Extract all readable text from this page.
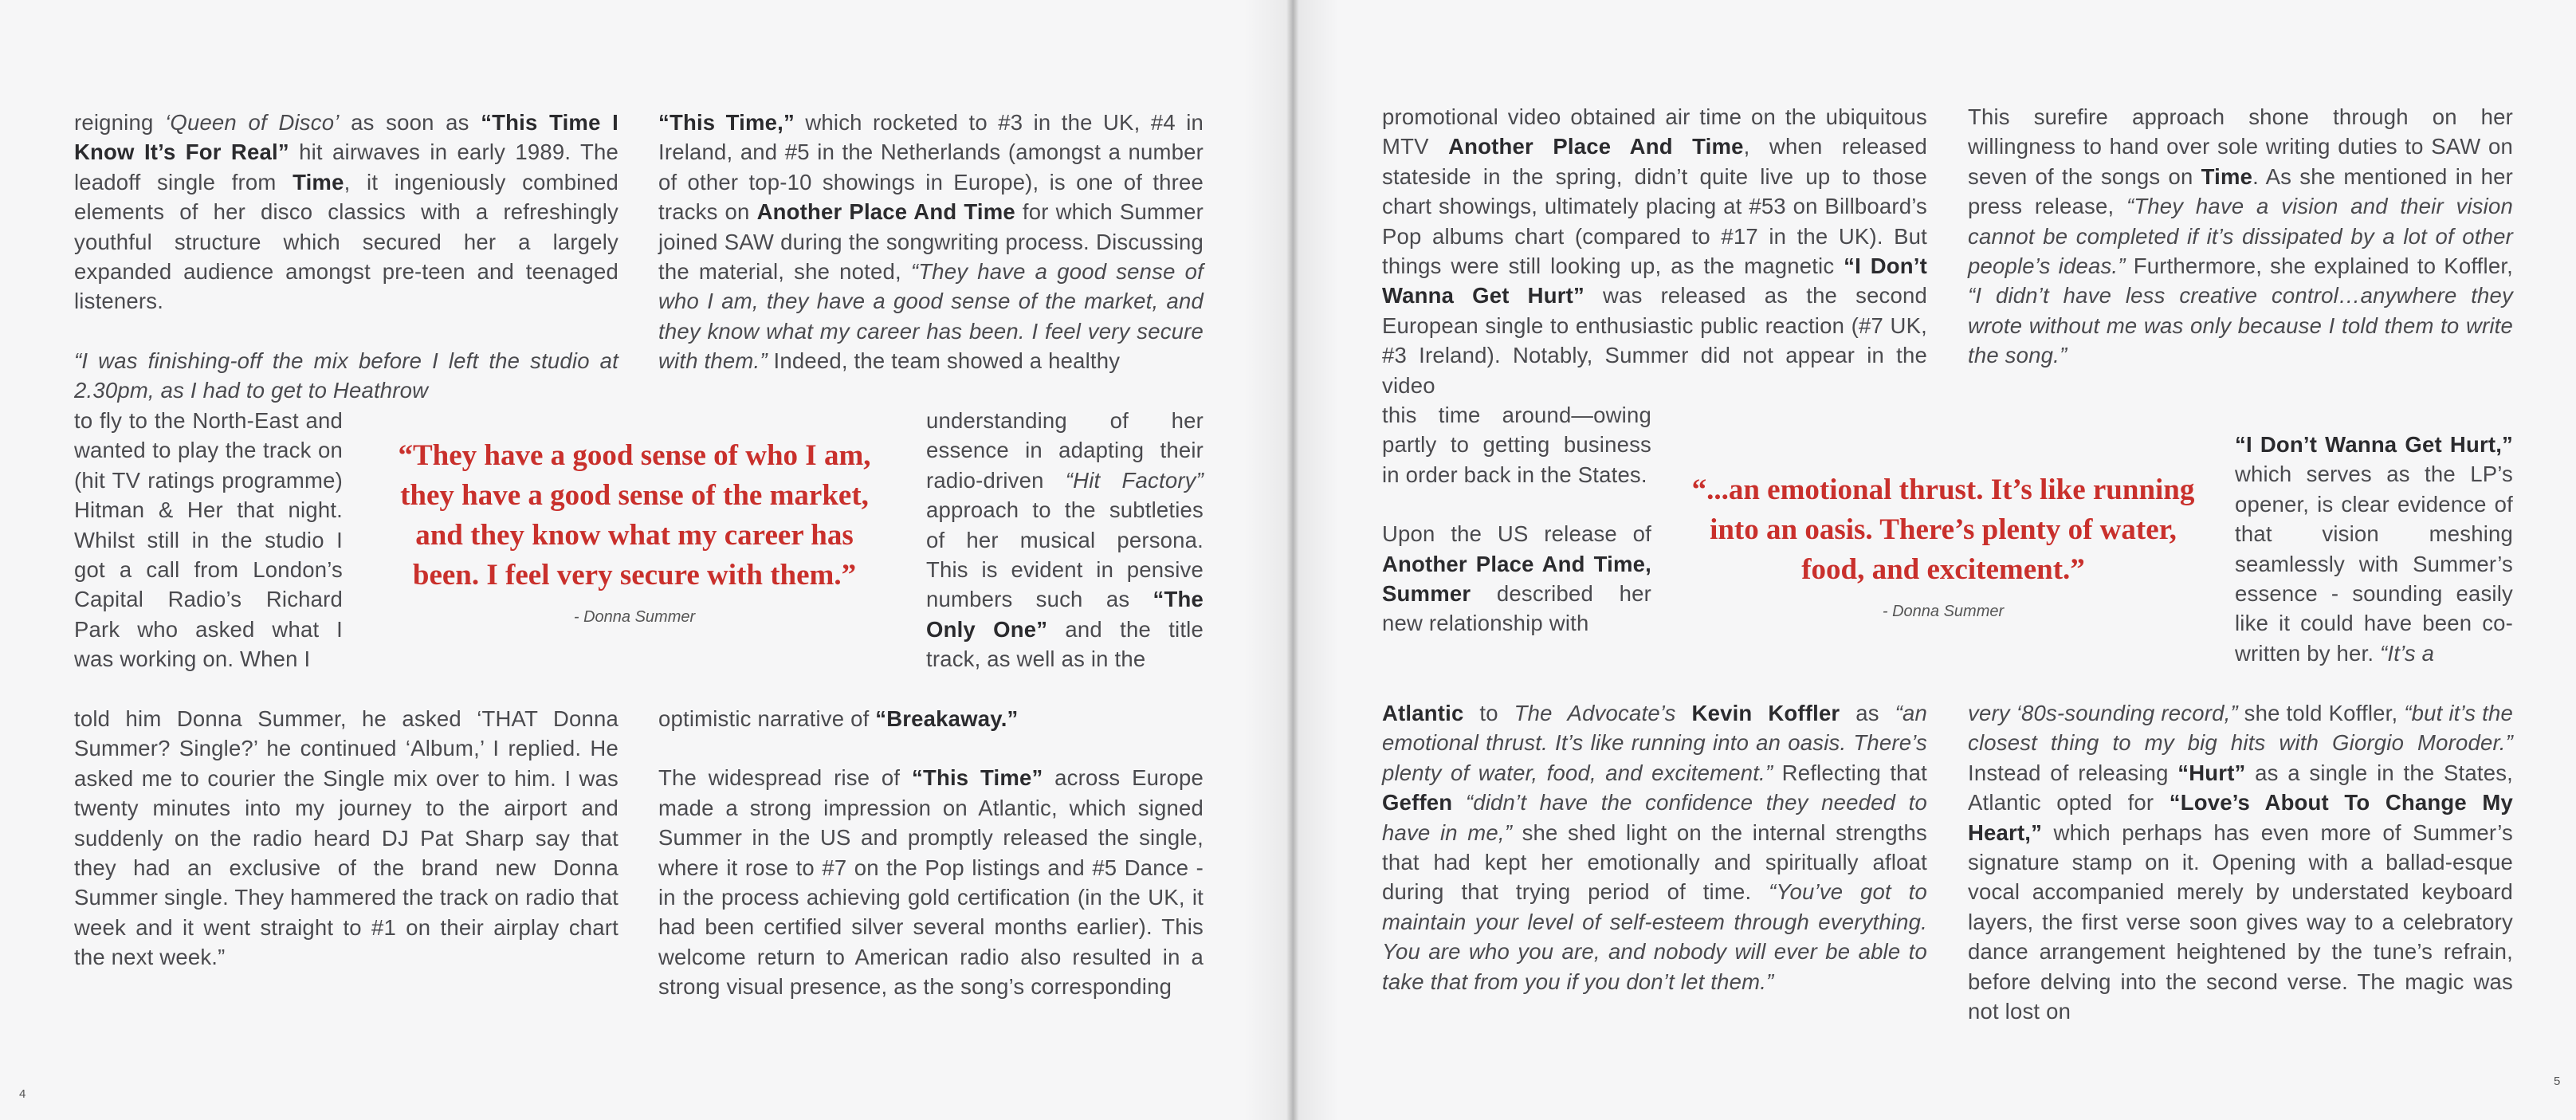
reigning ‘Queen of Disco’ as soon as “This Time I Know It’s For Real” hit airwaves in early 1989. The leadoff single from Time, it ingeniously combined elements of her disco classics with a refreshingly youthful structure which secured her a largely expanded audience amongst pre-teen and teenaged listeners.

“I was finishing-off the mix before I left the studio at 2.30pm, as I had to get to Heathrow
to fly to the North-East and wanted to play the track on (hit TV ratings programme) Hitman & Her that night. Whilst still in the studio I got a call from London’s Capital Radio’s Richard Park who asked what I was working on. When I
told him Donna Summer, he asked ‘THAT Donna Summer? Single?’ he continued ‘Album,’ I replied. He asked me to courier the Single mix over to him. I was twenty minutes into my journey to the airport and suddenly on the radio heard DJ Pat Sharp say that they had an exclusive of the brand new Donna Summer single. They hammered the track on radio that week and it went straight to #1 on their airplay chart the next week.”
“They have a good sense of who I am, they have a good sense of the market, and they know what my career has been. I feel very secure with them.”
- Donna Summer

“This Time,” which rocketed to #3 in the UK, #4 in Ireland, and #5 in the Netherlands (amongst a number of other top-10 showings in Europe), is one of three tracks on Another Place And Time for which Summer joined SAW during the songwriting process. Discussing the material, she noted, “They have a good sense of who I am, they have a good sense of the market, and they know what my career has been. I feel very secure with them.” Indeed, the team showed a healthy

understanding of her essence in adapting their radio-driven “Hit Factory” approach to the subtleties of her musical persona. This is evident in pensive numbers such as “The Only One” and the title track, as well as in the

optimistic narrative of “Breakaway.”

The widespread rise of “This Time” across Europe made a strong impression on Atlantic, which signed Summer in the US and promptly released the single, where it rose to #7 on the Pop listings and #5 Dance - in the process achieving gold certification (in the UK, it had been certified silver several months earlier). This welcome return to American radio also resulted in a strong visual presence, as the song’s corresponding

4

promotional video obtained air time on the ubiquitous MTV Another Place And Time, when released stateside in the spring, didn’t quite live up to those chart showings, ultimately placing at #53 on Billboard’s Pop albums chart (compared to #17 in the UK). But things were still looking up, as the magnetic “I Don’t Wanna Get Hurt” was released as the second European single to enthusiastic public reaction (#7 UK, #3 Ireland). Notably, Summer did not appear in the video

this time around—owing partly to getting business in order back in the States.

Upon the US release of Another Place And Time, Summer described her new relationship with

Atlantic to The Advocate’s Kevin Koffler as “an emotional thrust. It’s like running into an oasis. There’s plenty of water, food, and excitement.” Reflecting that Geffen “didn’t have the confidence they needed to have in me,” she shed light on the internal strengths that had kept her emotionally and spiritually afloat during that trying period of time. “You’ve got to maintain your level of self-esteem through everything. You are who you are, and nobody will ever be able to take that from you if you don’t let them.”

“...an emotional thrust. It’s like running into an oasis. There’s plenty of water, food, and excitement.”
- Donna Summer

This surefire approach shone through on her willingness to hand over sole writing duties to SAW on seven of the songs on Time. As she mentioned in her press release, “They have a vision and their vision cannot be completed if it’s dissipated by a lot of other people’s ideas.” Furthermore, she explained to Koffler, “I didn’t have less creative control…anywhere they wrote without me was only because I told them to write the song.”

“I Don’t Wanna Get Hurt,” which serves as the LP’s opener, is clear evidence of that vision meshing seamlessly with Summer’s essence - sounding easily like it could have been co-written by her. “It’s a

very ‘80s-sounding record,” she told Koffler, “but it’s the closest thing to my big hits with Giorgio Moroder.” Instead of releasing “Hurt” as a single in the States, Atlantic opted for “Love’s About To Change My Heart,” which perhaps has even more of Summer’s signature stamp on it. Opening with a ballad-esque vocal accompanied merely by understated keyboard layers, the first verse soon gives way to a celebratory dance arrangement heightened by the tune’s refrain, before delving into the second verse. The magic was not lost on

5
